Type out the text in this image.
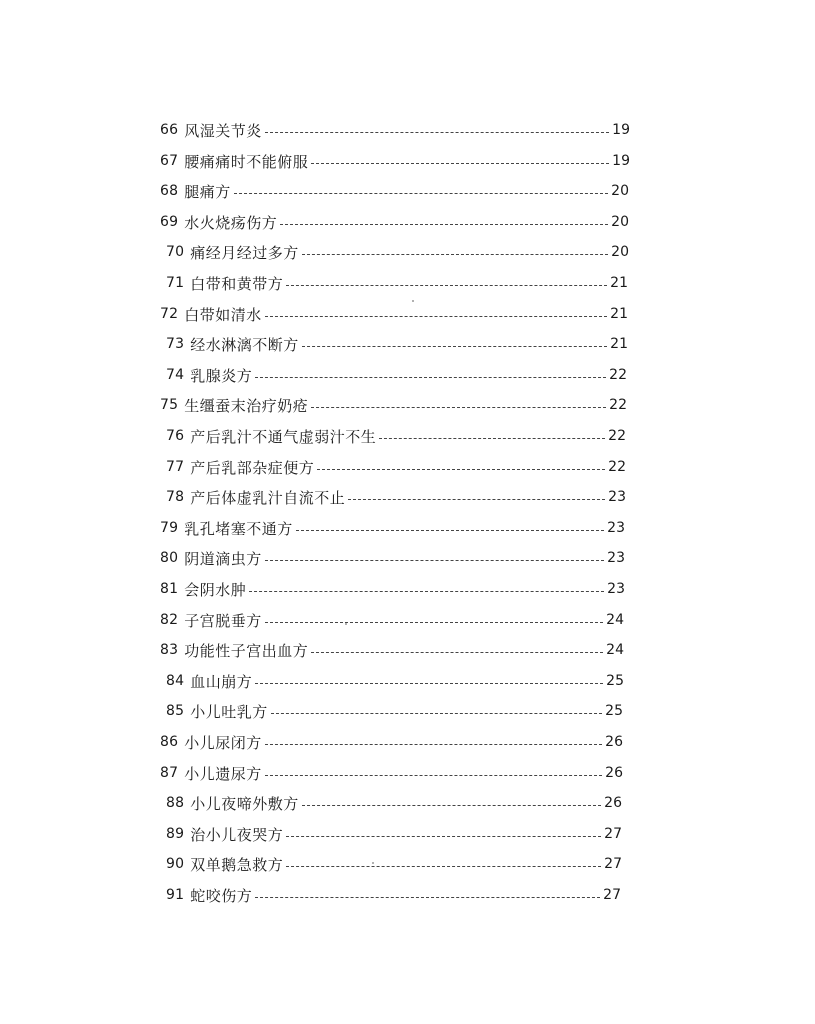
66 风湿关节炎	19
67 腰痛痛时不能俯服	19
68 腿痛方	20
69 水火烧疡伤方	20
70 痛经月经过多方	20
71 白带和黄带方	21
72 白带如清水	21
73 经水淋漓不断方	21
74 乳腺炎方	22
75 生缰蚕末治疗奶疮	22
76 产后乳汁不通气虚弱汁不生	22
77 产后乳部杂症便方	22
78 产后体虚乳汁自流不止	23
79 乳孔堵塞不通方	23
80 阴道滴虫方	23
81 会阴水肿	23
82 子宫脱垂方	24
83 功能性子宫出血方	24
84 血山崩方	25
85 小儿吐乳方	25
86 小儿尿闭方	26
87 小儿遗尿方	26
88 小儿夜啼外敷方	26
89 治小儿夜哭方	27
90 双单鹅急救方	27
91 蛇咬伤方	27
